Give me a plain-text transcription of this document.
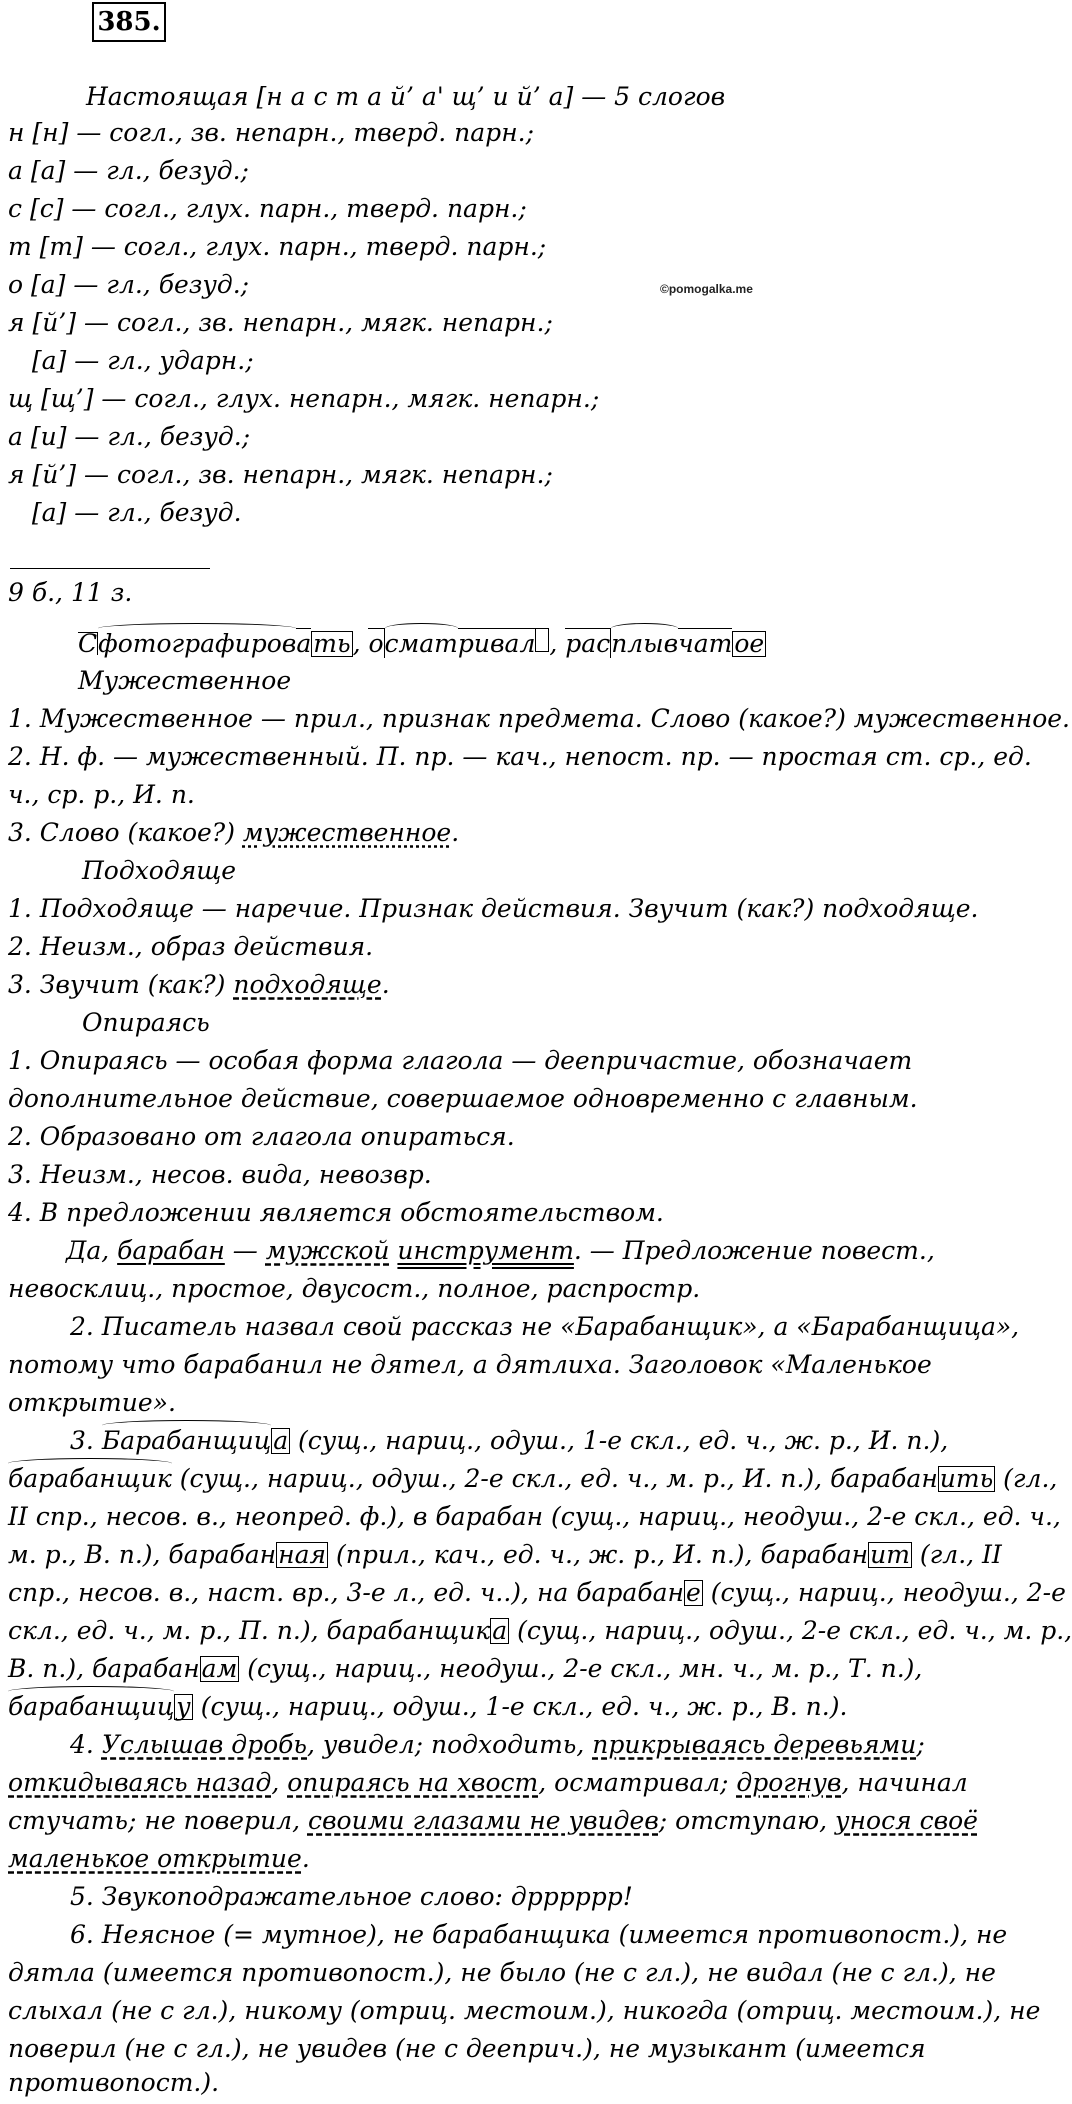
385.
Настоящая [н а с т а й’ а' щ’ и й’ а] — 5 слогов
н [н] — согл., зв. непарн., тверд. парн.;
а [а] — гл., безуд.;
с [с] — согл., глух. парн., тверд. парн.;
т [т] — согл., глух. парн., тверд. парн.;
о [а] — гл., безуд.;
я [й’] — согл., зв. непарн., мягк. непарн.;
[а] — гл., ударн.;
щ [щ’] — согл., глух. непарн., мягк. непарн.;
а [и] — гл., безуд.;
я [й’] — согл., зв. непарн., мягк. непарн.;
[а] — гл., безуд.
©pomogalka.me
9 б., 11 з.
Сфотографировать, осматривал , расплывчатое
Мужественное
1. Мужественное — прил., признак предмета. Слово (какое?) мужественное.
2. Н. ф. — мужественный. П. пр. — кач., непост. пр. — простая ст. ср., ед.
ч., ср. р., И. п.
3. Слово (какое?) мужественное.
Подходяще
1. Подходяще — наречие. Признак действия. Звучит (как?) подходяще.
2. Неизм., образ действия.
3. Звучит (как?) подходяще.
Опираясь
1. Опираясь — особая форма глагола — деепричастие, обозначает
дополнительное действие, совершаемое одновременно с главным.
2. Образовано от глагола опираться.
3. Неизм., несов. вида, невозвр.
4. В предложении является обстоятельством.
Да, барабан — мужской инструмент. — Предложение повест.,
невосклиц., простое, двусост., полное, распростр.
2. Писатель назвал свой рассказ не «Барабанщик», а «Барабанщица»,
потому что барабанил не дятел, а дятлиха. Заголовок «Маленькое
открытие».
3. Барабанщица (сущ., нариц., одуш., 1-е скл., ед. ч., ж. р., И. п.),
барабанщик (сущ., нариц., одуш., 2-е скл., ед. ч., м. р., И. п.), барабанить (гл.,
II спр., несов. в., неопред. ф.), в барабан (сущ., нариц., неодуш., 2-е скл., ед. ч.,
м. р., В. п.), барабанная (прил., кач., ед. ч., ж. р., И. п.), барабанит (гл., II
спр., несов. в., наст. вр., 3-е л., ед. ч..), на барабане (сущ., нариц., неодуш., 2-е
скл., ед. ч., м. р., П. п.), барабанщика (сущ., нариц., одуш., 2-е скл., ед. ч., м. р.,
В. п.), барабанам (сущ., нариц., неодуш., 2-е скл., мн. ч., м. р., Т. п.),
барабанщицу (сущ., нариц., одуш., 1-е скл., ед. ч., ж. р., В. п.).
4. Услышав дробь, увидел; подходить, прикрываясь деревьями;
откидываясь назад, опираясь на хвост, осматривал; дрогнув, начинал
стучать; не поверил, своими глазами не увидев; отступаю, унося своё
маленькое открытие.
5. Звукоподражательное слово: дрррррр!
6. Неясное (= мутное), не барабанщика (имеется противопост.), не
дятла (имеется противопост.), не было (не с гл.), не видал (не с гл.), не
слыхал (не с гл.), никому (отриц. местоим.), никогда (отриц. местоим.), не
поверил (не с гл.), не увидев (не с дееприч.), не музыкант (имеется
противопост.).
